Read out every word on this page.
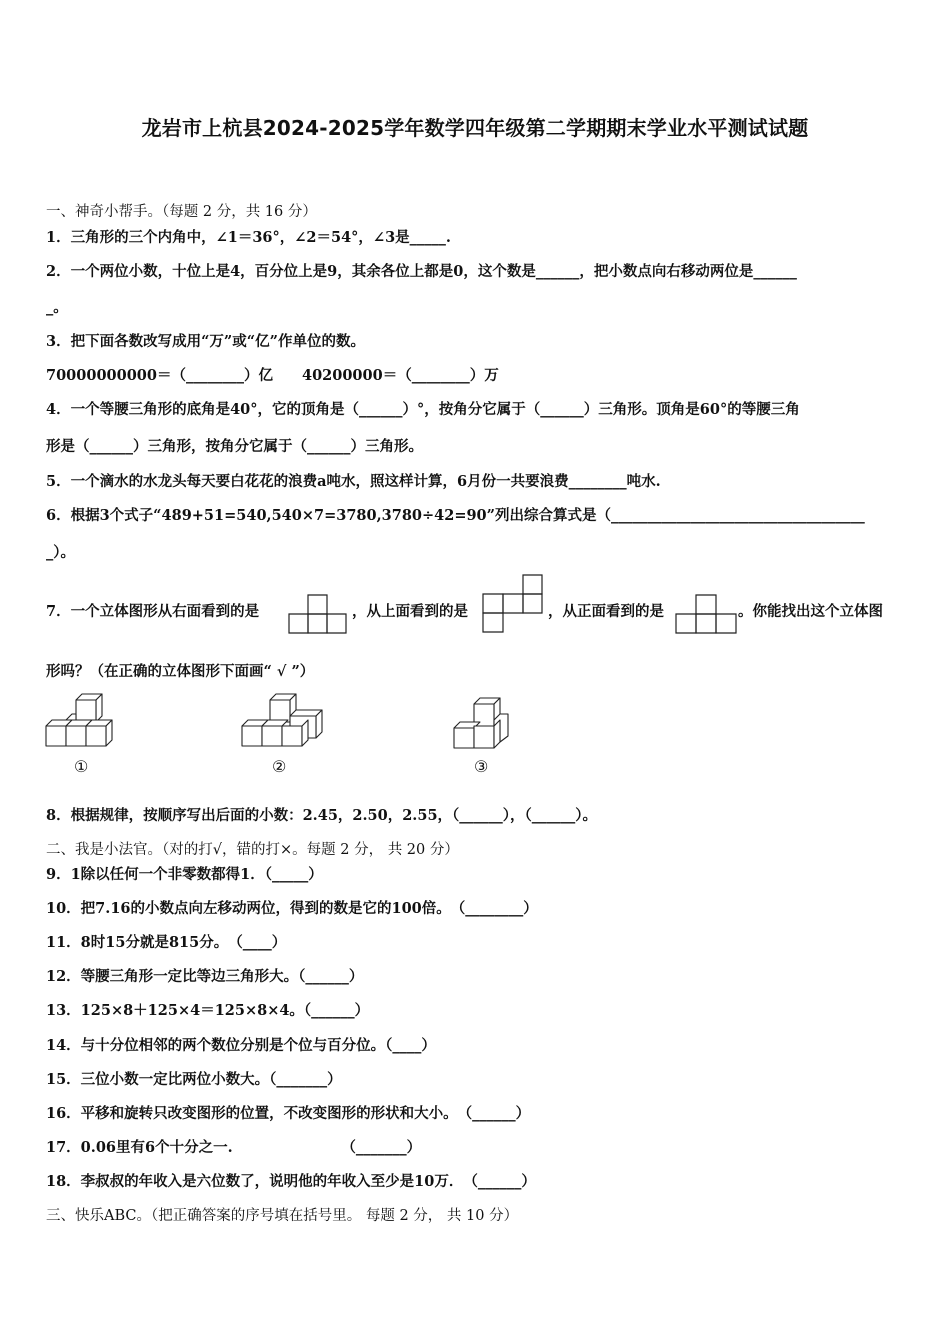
龙岩市上杭县2024-2025学年数学四年级第二学期期末学业水平测试试题
一、神奇小帮手。（每题 2 分，共 16 分）
1．三角形的三个内角中，∠1＝36°，∠2＝54°，∠3是_____.
2．一个两位小数，十位上是4，百分位上是9，其余各位上都是0，这个数是______，把小数点向右移动两位是______
_。
3．把下面各数改写成用“万”或“亿”作单位的数。
70000000000＝（________）亿　　40200000＝（________）万
4．一个等腰三角形的底角是40°，它的顶角是（______）°，按角分它属于（______）三角形。顶角是60°的等腰三角
形是（______）三角形，按角分它属于（______）三角形。
5．一个滴水的水龙头每天要白花花的浪费a吨水，照这样计算，6月份一共要浪费________吨水.
6．根据3个式子“489+51=540,540×7=3780,3780÷42=90”列出综合算式是（___________________________________
_）。
7．一个立体图形从右面看到的是	，从上面看到的是	，从正面看到的是	。你能找出这个立体图
形吗？（在正确的立体图形下面画“ √ ”）
①	②	③
8．根据规律，按顺序写出后面的小数：2.45，2.50，2.55，（______），（______）。
二、我是小法官。（对的打√，错的打×。每题 2 分， 共 20 分）
9．1除以任何一个非零数都得1．（_____）
10．把7.16的小数点向左移动两位，得到的数是它的100倍。　（________）
11．8时15分就是815分。　（____）
12．等腰三角形一定比等边三角形大。（______）
13．125×8＋125×4＝125×8×4。（______）
14．与十分位相邻的两个数位分别是个位与百分位。（____）
15．三位小数一定比两位小数大。（_______）
16．平移和旋转只改变图形的位置，不改变图形的形状和大小。　（______）
17．0.06里有6个十分之一.　　　　　　　　（_______）
18．李叔叔的年收入是六位数了，说明他的年收入至少是10万．　（______）
三、快乐ABC。（把正确答案的序号填在括号里。 每题 2 分， 共 10 分）
